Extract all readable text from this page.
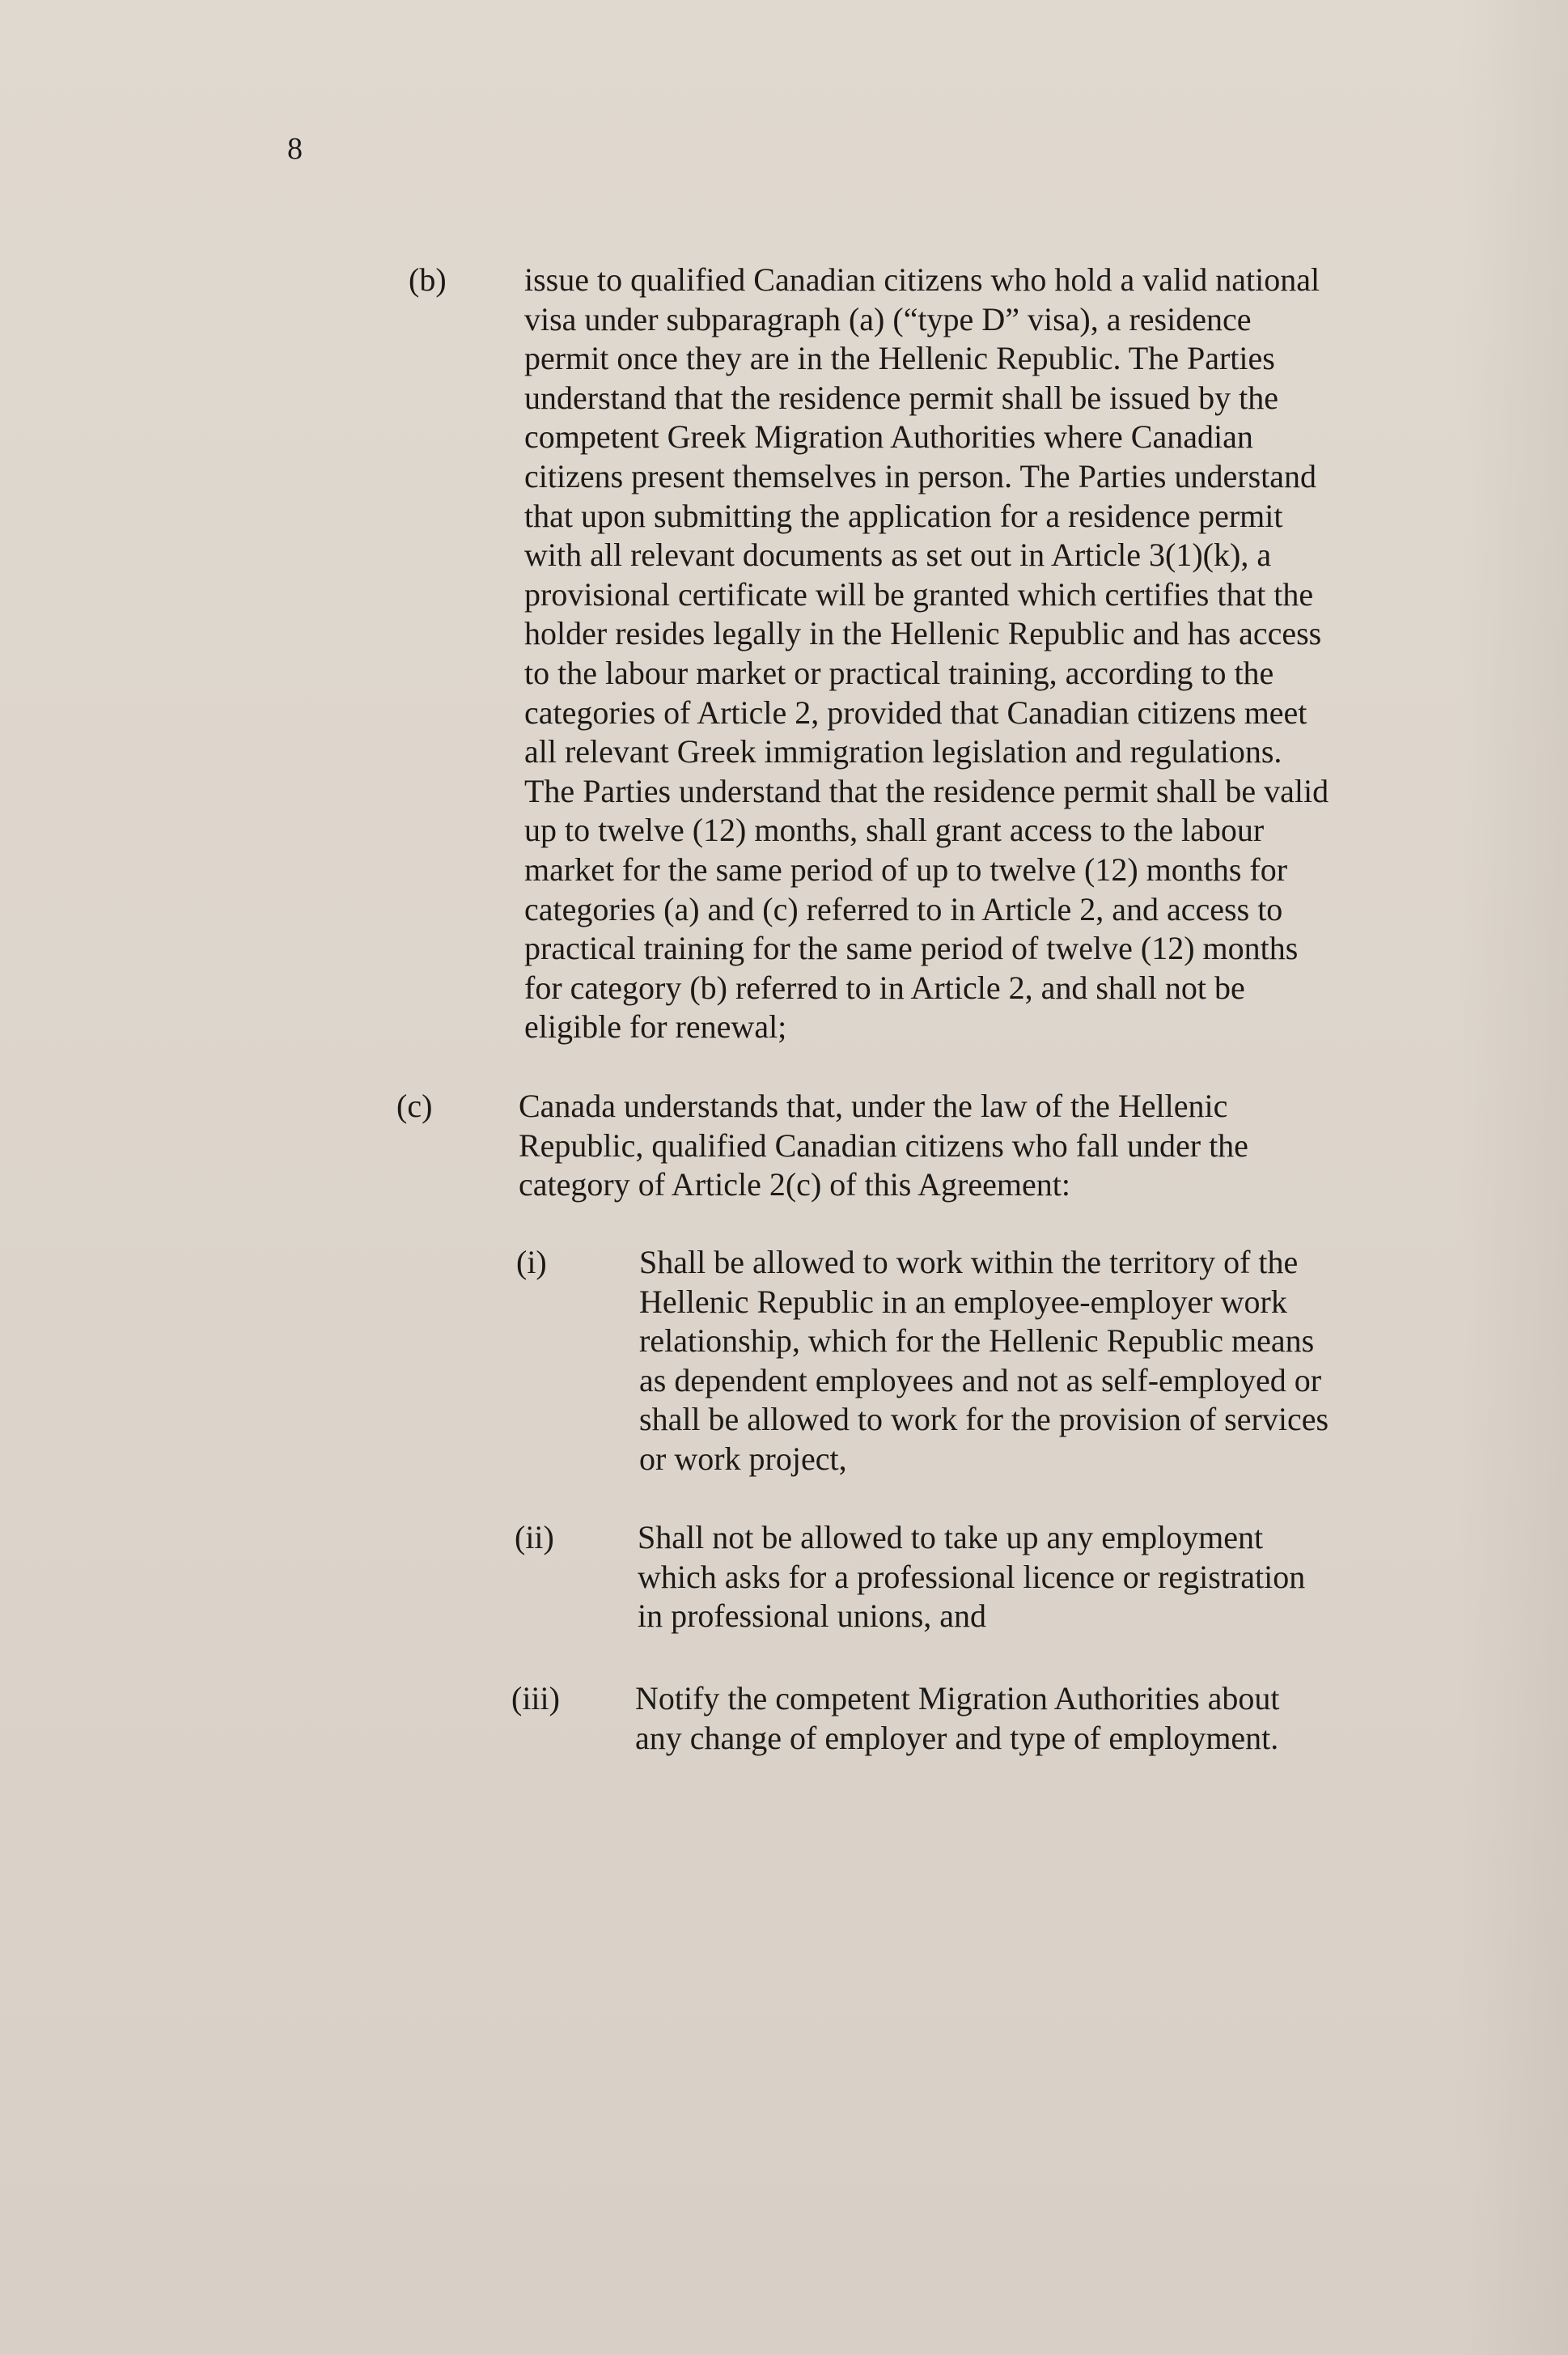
8
(b) issue to qualified Canadian citizens who hold a valid national
visa under subparagraph (a) (“type D” visa), a residence
permit once they are in the Hellenic Republic. The Parties
understand that the residence permit shall be issued by the
competent Greek Migration Authorities where Canadian
citizens present themselves in person. The Parties understand
that upon submitting the application for a residence permit
with all relevant documents as set out in Article 3(1)(k), a
provisional certificate will be granted which certifies that the
holder resides legally in the Hellenic Republic and has access
to the labour market or practical training, according to the
categories of Article 2, provided that Canadian citizens meet
all relevant Greek immigration legislation and regulations.
The Parties understand that the residence permit shall be valid
up to twelve (12) months, shall grant access to the labour
market for the same period of up to twelve (12) months for
categories (a) and (c) referred to in Article 2, and access to
practical training for the same period of twelve (12) months
for category (b) referred to in Article 2, and shall not be
eligible for renewal;
(c)	Canada understands that, under the law of the Hellenic
Republic, qualified Canadian citizens who fall under the
category of Article 2(c) of this Agreement:
(i)	Shall be allowed to work within the territory of the
Hellenic Republic in an employee-employer work
relationship, which for the Hellenic Republic means
as dependent employees and not as self-employed or
shall be allowed to work for the provision of services
or work project,
(ii)	Shall not be allowed to take up any employment
which asks for a professional licence or registration
in professional unions, and
(iii) Notify the competent Migration Authorities about
any change of employer and type of employment.
